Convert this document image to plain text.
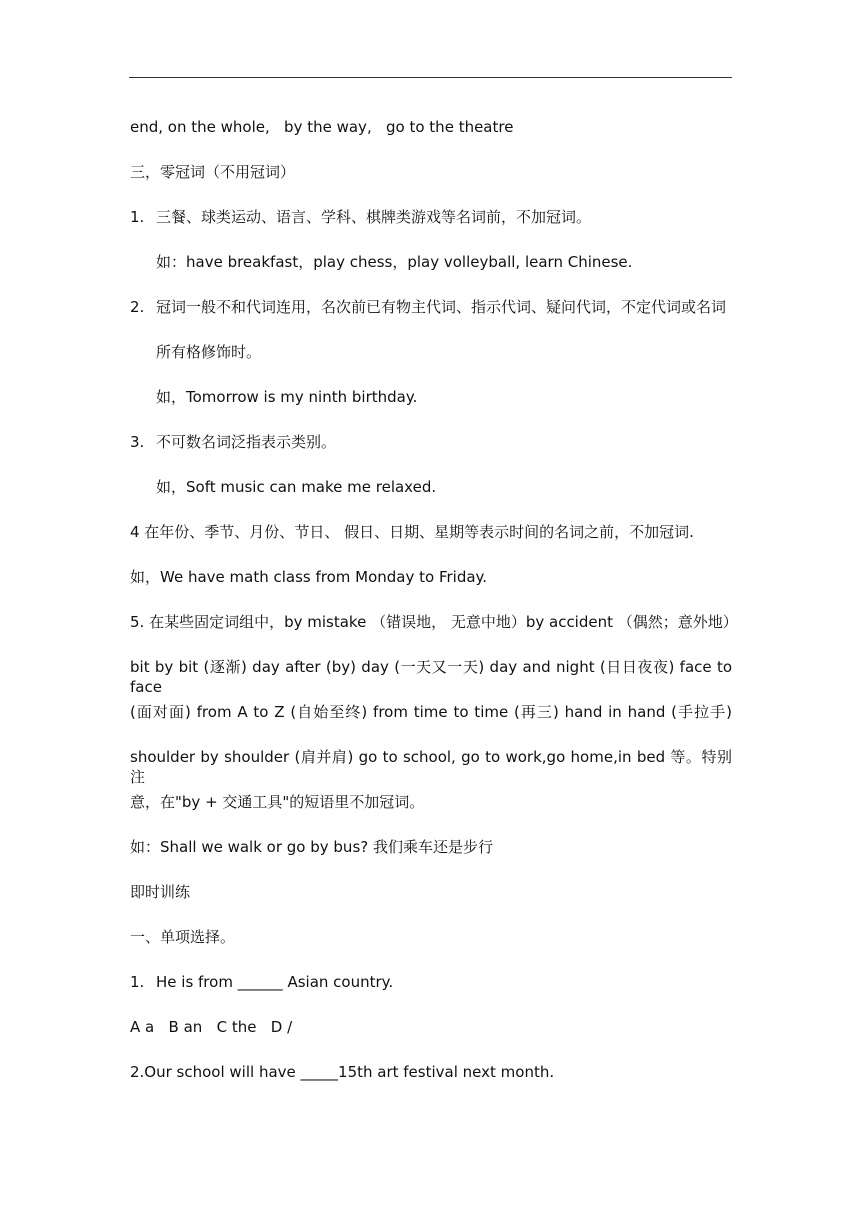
end, on the whole,   by the way,   go to the theatre
三，零冠词（不用冠词）
1. 三餐、球类运动、语言、学科、棋牌类游戏等名词前，不加冠词。
如：have breakfast，play chess，play volleyball, learn Chinese.
2. 冠词一般不和代词连用，名次前已有物主代词、指示代词、疑问代词，不定代词或名词
所有格修饰时。
如，Tomorrow is my ninth birthday.
3. 不可数名词泛指表示类别。
如，Soft music can make me relaxed.
4 在年份、季节、月份、节日、 假日、日期、星期等表示时间的名词之前，不加冠词.
如，We have math class from Monday to Friday.
5. 在某些固定词组中，by mistake （错误地， 无意中地）by accident （偶然；意外地）
bit by bit (逐渐) day after (by) day (一天又一天) day and night (日日夜夜) face to face
(面对面) from A to Z (自始至终) from time to time (再三) hand in hand (手拉手)
shoulder by shoulder (肩并肩) go to school, go to work,go home,in bed 等。特别注
意，在"by + 交通工具"的短语里不加冠词。
如：Shall we walk or go by bus? 我们乘车还是步行
即时训练
一、单项选择。
1. He is from ______ Asian country.
A a   B an   C the   D /
2.Our school will have _____15th art festival next month.
